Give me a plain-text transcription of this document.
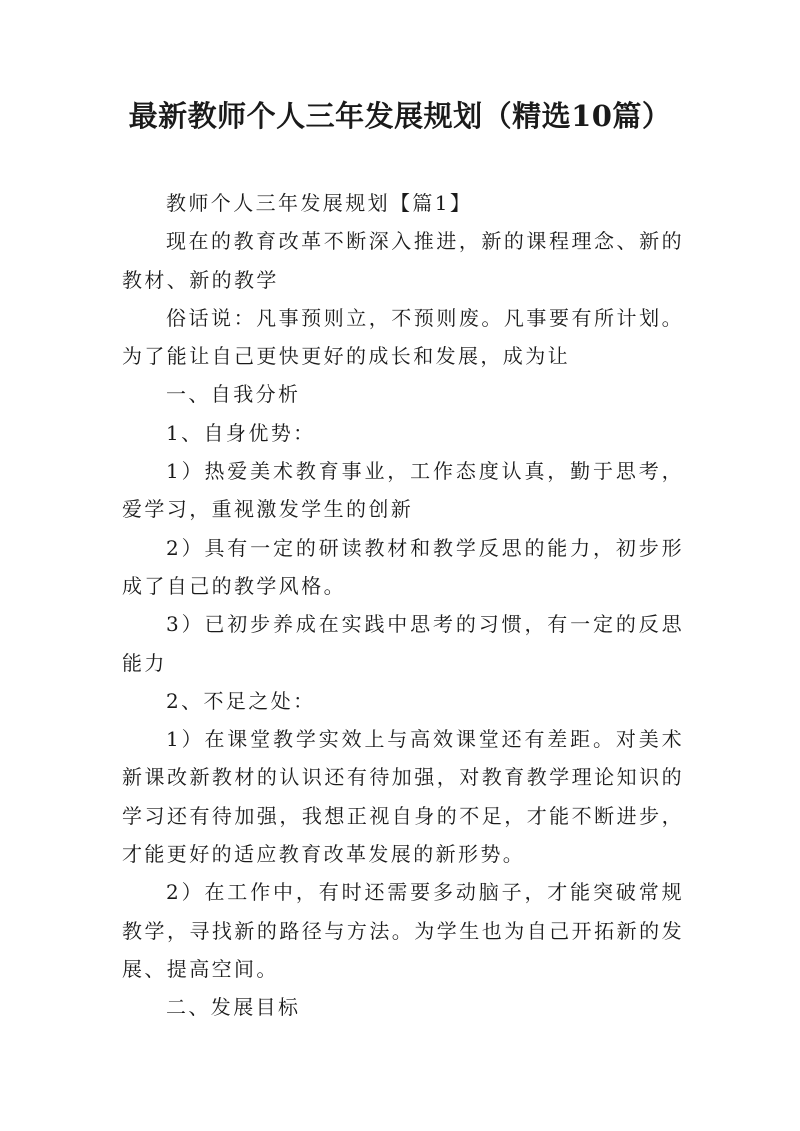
最新教师个人三年发展规划（精选10篇）

教师个人三年发展规划【篇1】

现在的教育改革不断深入推进，新的课程理念、新的教材、新的教学

俗话说：凡事预则立，不预则废。凡事要有所计划。为了能让自己更快更好的成长和发展，成为让

一、自我分析

1、自身优势：

1）热爱美术教育事业，工作态度认真，勤于思考，爱学习，重视激发学生的创新

2）具有一定的研读教材和教学反思的能力，初步形成了自己的教学风格。

3）已初步养成在实践中思考的习惯，有一定的反思能力

2、不足之处：

1）在课堂教学实效上与高效课堂还有差距。对美术新课改新教材的认识还有待加强，对教育教学理论知识的学习还有待加强，我想正视自身的不足，才能不断进步，才能更好的适应教育改革发展的新形势。

2）在工作中，有时还需要多动脑子，才能突破常规教学，寻找新的路径与方法。为学生也为自己开拓新的发展、提高空间。

二、发展目标
